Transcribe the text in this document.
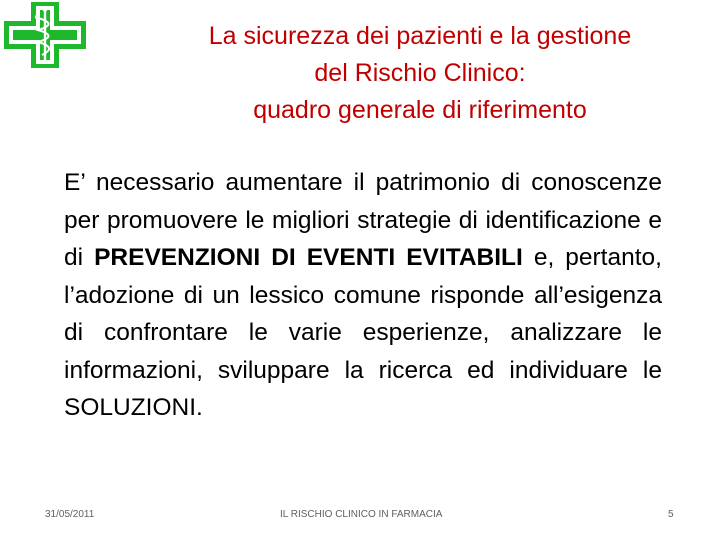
La sicurezza dei pazienti e la gestione
del Rischio Clinico:
quadro generale di riferimento
E’ necessario aumentare il patrimonio di conoscenze per promuovere le migliori strategie di identificazione e di PREVENZIONI DI EVENTI EVITABILI e, pertanto, l’adozione di un lessico comune risponde all’esigenza di confrontare le varie esperienze, analizzare le informazioni, sviluppare la ricerca ed individuare le SOLUZIONI.
31/05/2011	IL RISCHIO CLINICO IN FARMACIA	5
